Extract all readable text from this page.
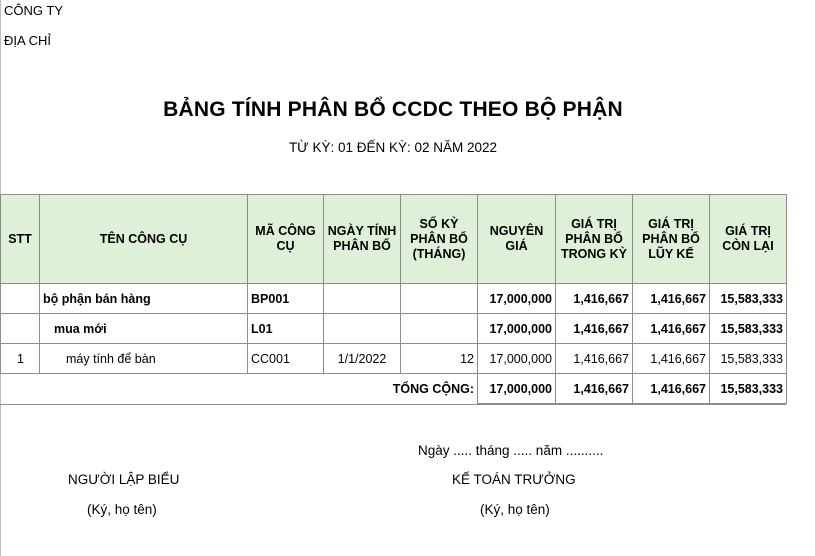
CÔNG TY
ĐỊA CHỈ
BẢNG TÍNH PHÂN BỔ CCDC THEO BỘ PHẬN
TỪ KỲ: 01 ĐẾN KỲ: 02 NĂM 2022
STT	TÊN CÔNG CỤ	MÃ CÔNG CỤ	NGÀY TÍNH PHÂN BỔ	SỐ KỲ PHÂN BỔ (THÁNG)	NGUYÊN GIÁ	GIÁ TRỊ PHÂN BỔ TRONG KỲ	GIÁ TRỊ PHÂN BỔ LŨY KẾ	GIÁ TRỊ CÒN LẠI
	bộ phận bán hàng	BP001			17,000,000	1,416,667	1,416,667	15,583,333
	mua mới	L01			17,000,000	1,416,667	1,416,667	15,583,333
1	máy tính để bàn	CC001	1/1/2022	12	17,000,000	1,416,667	1,416,667	15,583,333
TỔNG CỘNG:					17,000,000	1,416,667	1,416,667	15,583,333
Ngày ..... tháng ..... năm ..........
NGƯỜI LẬP BIỂU
(Ký, họ tên)
KẾ TOÁN TRƯỞNG
(Ký, họ tên)
